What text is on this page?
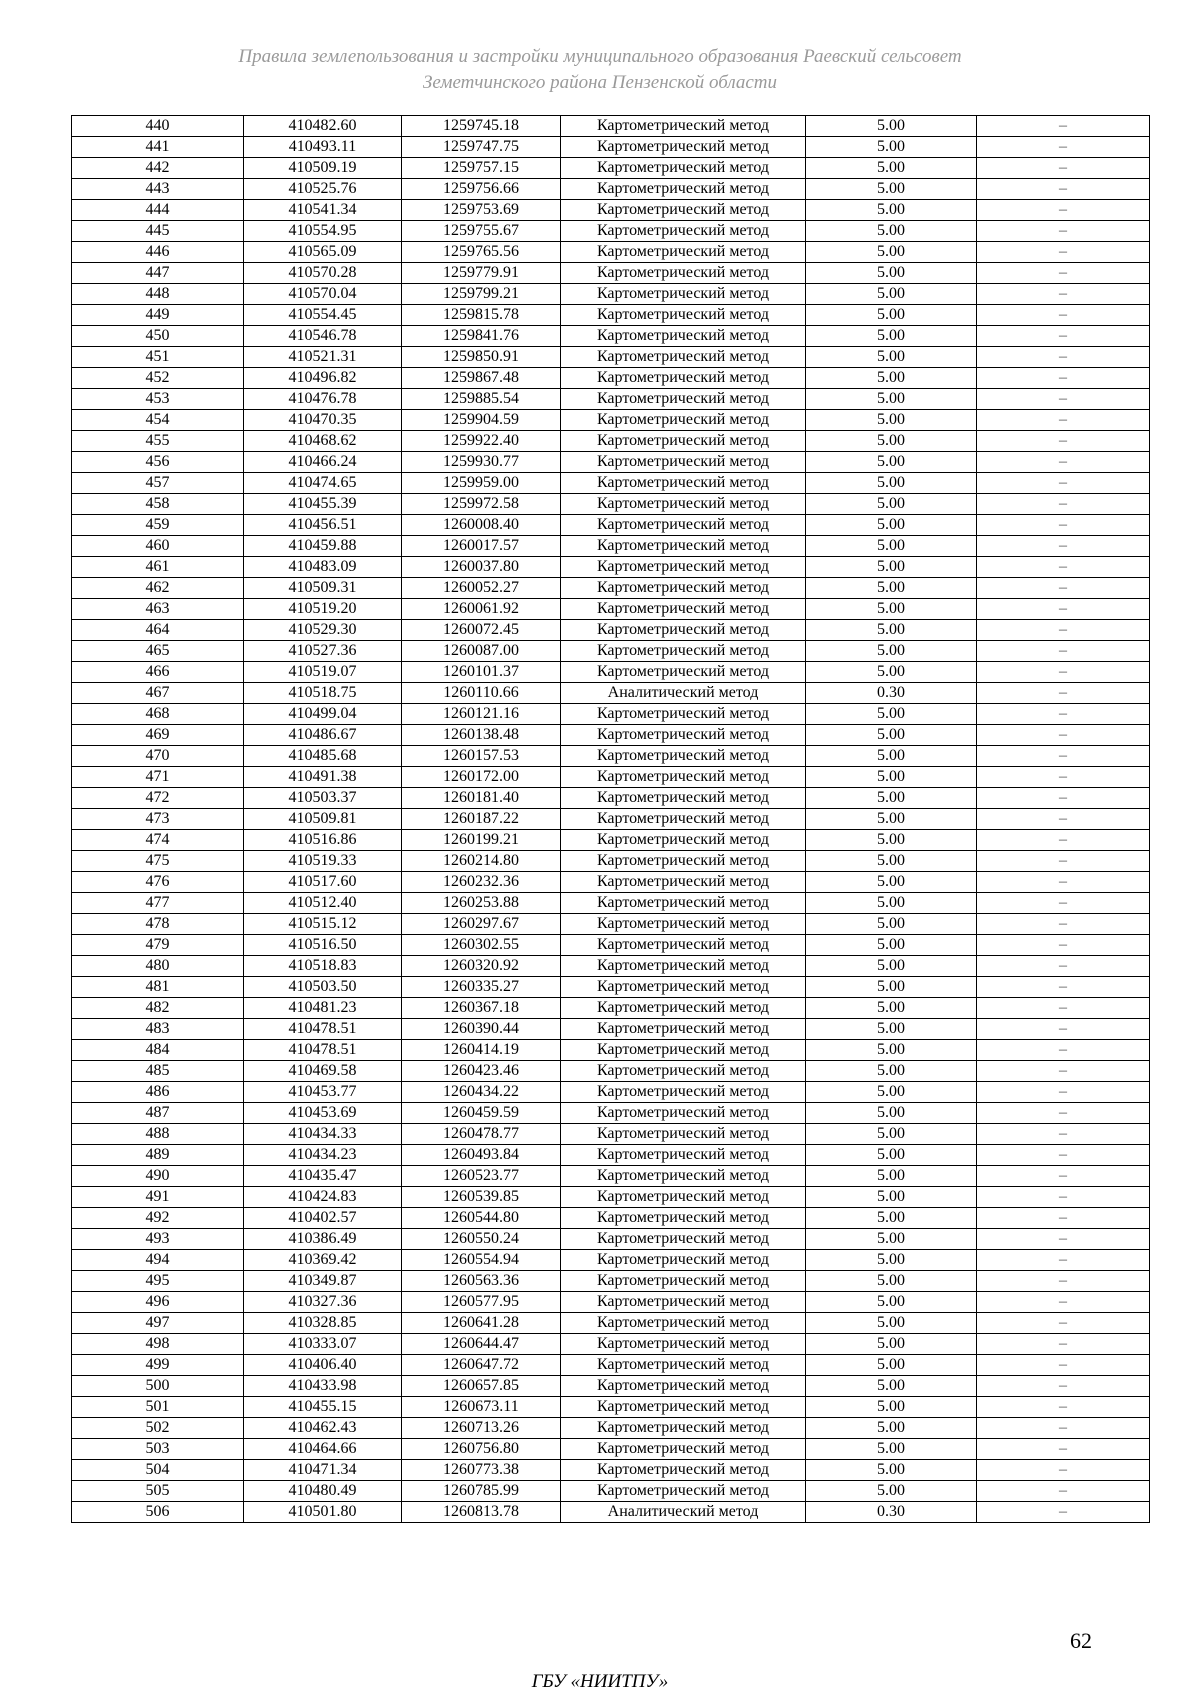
Правила землепользования и застройки муниципального образования Раевский сельсовет
Земетчинского района Пензенской области
440	410482.60	1259745.18	Картометрический метод	5.00	–
441	410493.11	1259747.75	Картометрический метод	5.00	–
442	410509.19	1259757.15	Картометрический метод	5.00	–
443	410525.76	1259756.66	Картометрический метод	5.00	–
444	410541.34	1259753.69	Картометрический метод	5.00	–
445	410554.95	1259755.67	Картометрический метод	5.00	–
446	410565.09	1259765.56	Картометрический метод	5.00	–
447	410570.28	1259779.91	Картометрический метод	5.00	–
448	410570.04	1259799.21	Картометрический метод	5.00	–
449	410554.45	1259815.78	Картометрический метод	5.00	–
450	410546.78	1259841.76	Картометрический метод	5.00	–
451	410521.31	1259850.91	Картометрический метод	5.00	–
452	410496.82	1259867.48	Картометрический метод	5.00	–
453	410476.78	1259885.54	Картометрический метод	5.00	–
454	410470.35	1259904.59	Картометрический метод	5.00	–
455	410468.62	1259922.40	Картометрический метод	5.00	–
456	410466.24	1259930.77	Картометрический метод	5.00	–
457	410474.65	1259959.00	Картометрический метод	5.00	–
458	410455.39	1259972.58	Картометрический метод	5.00	–
459	410456.51	1260008.40	Картометрический метод	5.00	–
460	410459.88	1260017.57	Картометрический метод	5.00	–
461	410483.09	1260037.80	Картометрический метод	5.00	–
462	410509.31	1260052.27	Картометрический метод	5.00	–
463	410519.20	1260061.92	Картометрический метод	5.00	–
464	410529.30	1260072.45	Картометрический метод	5.00	–
465	410527.36	1260087.00	Картометрический метод	5.00	–
466	410519.07	1260101.37	Картометрический метод	5.00	–
467	410518.75	1260110.66	Аналитический метод	0.30	–
468	410499.04	1260121.16	Картометрический метод	5.00	–
469	410486.67	1260138.48	Картометрический метод	5.00	–
470	410485.68	1260157.53	Картометрический метод	5.00	–
471	410491.38	1260172.00	Картометрический метод	5.00	–
472	410503.37	1260181.40	Картометрический метод	5.00	–
473	410509.81	1260187.22	Картометрический метод	5.00	–
474	410516.86	1260199.21	Картометрический метод	5.00	–
475	410519.33	1260214.80	Картометрический метод	5.00	–
476	410517.60	1260232.36	Картометрический метод	5.00	–
477	410512.40	1260253.88	Картометрический метод	5.00	–
478	410515.12	1260297.67	Картометрический метод	5.00	–
479	410516.50	1260302.55	Картометрический метод	5.00	–
480	410518.83	1260320.92	Картометрический метод	5.00	–
481	410503.50	1260335.27	Картометрический метод	5.00	–
482	410481.23	1260367.18	Картометрический метод	5.00	–
483	410478.51	1260390.44	Картометрический метод	5.00	–
484	410478.51	1260414.19	Картометрический метод	5.00	–
485	410469.58	1260423.46	Картометрический метод	5.00	–
486	410453.77	1260434.22	Картометрический метод	5.00	–
487	410453.69	1260459.59	Картометрический метод	5.00	–
488	410434.33	1260478.77	Картометрический метод	5.00	–
489	410434.23	1260493.84	Картометрический метод	5.00	–
490	410435.47	1260523.77	Картометрический метод	5.00	–
491	410424.83	1260539.85	Картометрический метод	5.00	–
492	410402.57	1260544.80	Картометрический метод	5.00	–
493	410386.49	1260550.24	Картометрический метод	5.00	–
494	410369.42	1260554.94	Картометрический метод	5.00	–
495	410349.87	1260563.36	Картометрический метод	5.00	–
496	410327.36	1260577.95	Картометрический метод	5.00	–
497	410328.85	1260641.28	Картометрический метод	5.00	–
498	410333.07	1260644.47	Картометрический метод	5.00	–
499	410406.40	1260647.72	Картометрический метод	5.00	–
500	410433.98	1260657.85	Картометрический метод	5.00	–
501	410455.15	1260673.11	Картометрический метод	5.00	–
502	410462.43	1260713.26	Картометрический метод	5.00	–
503	410464.66	1260756.80	Картометрический метод	5.00	–
504	410471.34	1260773.38	Картометрический метод	5.00	–
505	410480.49	1260785.99	Картометрический метод	5.00	–
506	410501.80	1260813.78	Аналитический метод	0.30	–
62
ГБУ «НИИТПУ»
